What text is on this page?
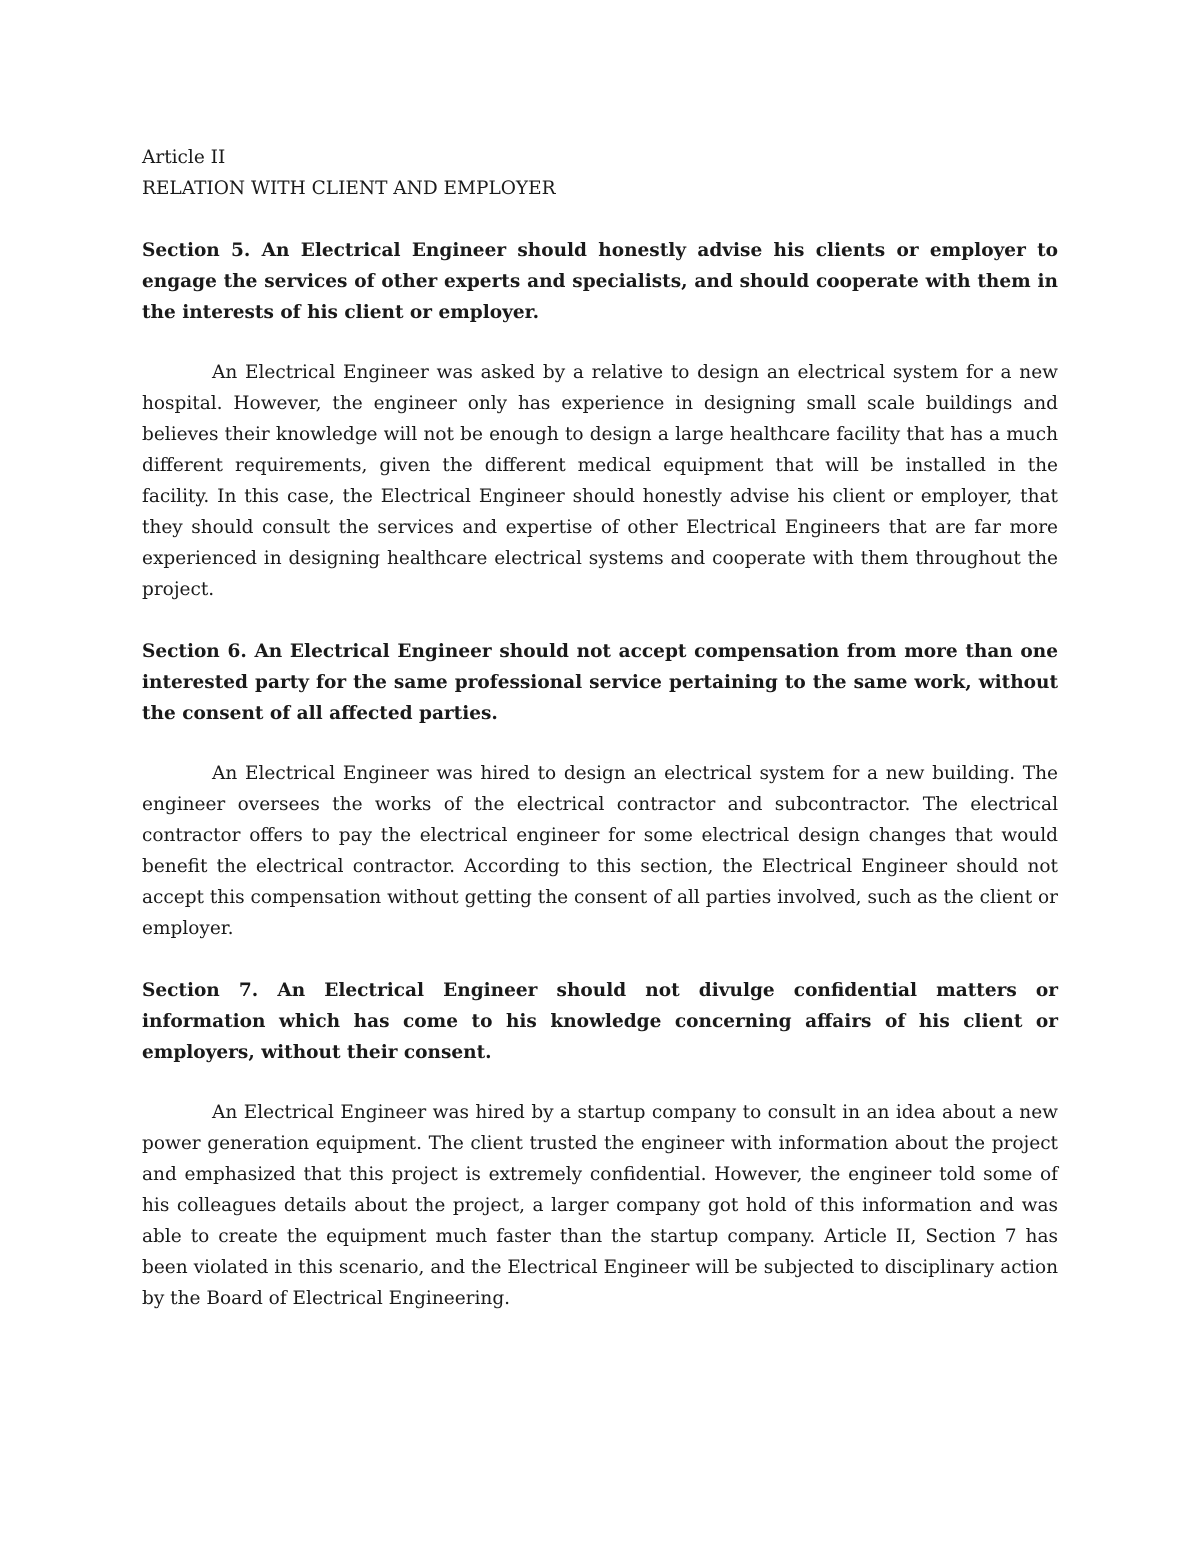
Article II

RELATION WITH CLIENT AND EMPLOYER

Section 5. An Electrical Engineer should honestly advise his clients or employer to engage the services of other experts and specialists, and should cooperate with them in the interests of his client or employer.

An Electrical Engineer was asked by a relative to design an electrical system for a new hospital. However, the engineer only has experience in designing small scale buildings and believes their knowledge will not be enough to design a large healthcare facility that has a much different requirements, given the different medical equipment that will be installed in the facility. In this case, the Electrical Engineer should honestly advise his client or employer, that they should consult the services and expertise of other Electrical Engineers that are far more experienced in designing healthcare electrical systems and cooperate with them throughout the project.

Section 6. An Electrical Engineer should not accept compensation from more than one interested party for the same professional service pertaining to the same work, without the consent of all affected parties.

An Electrical Engineer was hired to design an electrical system for a new building. The engineer oversees the works of the electrical contractor and subcontractor. The electrical contractor offers to pay the electrical engineer for some electrical design changes that would benefit the electrical contractor. According to this section, the Electrical Engineer should not accept this compensation without getting the consent of all parties involved, such as the client or employer.

Section 7. An Electrical Engineer should not divulge confidential matters or information which has come to his knowledge concerning affairs of his client or employers, without their consent.

An Electrical Engineer was hired by a startup company to consult in an idea about a new power generation equipment. The client trusted the engineer with information about the project and emphasized that this project is extremely confidential. However, the engineer told some of his colleagues details about the project, a larger company got hold of this information and was able to create the equipment much faster than the startup company. Article II, Section 7 has been violated in this scenario, and the Electrical Engineer will be subjected to disciplinary action by the Board of Electrical Engineering.
